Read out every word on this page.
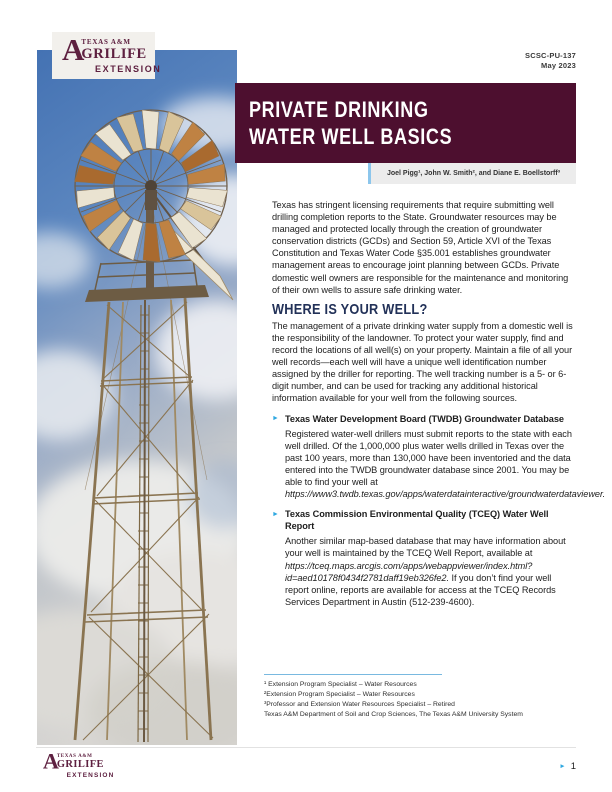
A
TEXAS A&M
GRILIFE
EXTENSION
SCSC-PU-137
May 2023
PRIVATE DRINKING
WATER WELL BASICS
Joel Pigg¹, John W. Smith², and Diane E. Boellstorff³

Texas has stringent licensing requirements that require submitting well drilling completion reports to the State. Groundwater resources may be managed and protected locally through the creation of groundwater conservation districts (GCDs) and Section 59, Article XVI of the Texas Constitution and Texas Water Code §35.001 establishes groundwater management areas to encourage joint planning between GCDs. Private domestic well owners are responsible for the maintenance and monitoring of their own wells to assure safe drinking water.

WHERE IS YOUR WELL?

The management of a private drinking water supply from a domestic well is the responsibility of the landowner. To protect your water supply, find and record the locations of all well(s) on your property. Maintain a file of all your well records—each well will have a unique well identification number assigned by the driller for reporting. The well tracking number is a 5- or 6-digit number, and can be used for tracking any additional historical information available for your well from the following sources.

► Texas Water Development Board (TWDB) Groundwater Database

Registered water-well drillers must submit reports to the state with each well drilled. Of the 1,000,000 plus water wells drilled in Texas over the past 100 years, more than 130,000 have been inventoried and the data entered into the TWDB groundwater database since 2001. You may be able to find your well at https://www3.twdb.texas.gov/apps/waterdatainteractive/groundwaterdataviewer.

► Texas Commission Environmental Quality (TCEQ) Water Well Report

Another similar map-based database that may have information about your well is maintained by the TCEQ Well Report, available at https://tceq.maps.arcgis.com/apps/webappviewer/index.html?id=aed10178f0434f2781daff19eb326fe2. If you don’t find your well report online, reports are available for access at the TCEQ Records Services Department in Austin (512-239-4600).

¹ Extension Program Specialist – Water Resources
²Extension Program Specialist – Water Resources
³Professor and Extension Water Resources Specialist – Retired
Texas A&M Department of Soil and Crop Sciences, The Texas A&M University System
A
TEXAS A&M
GRILIFE
EXTENSION
► 1
